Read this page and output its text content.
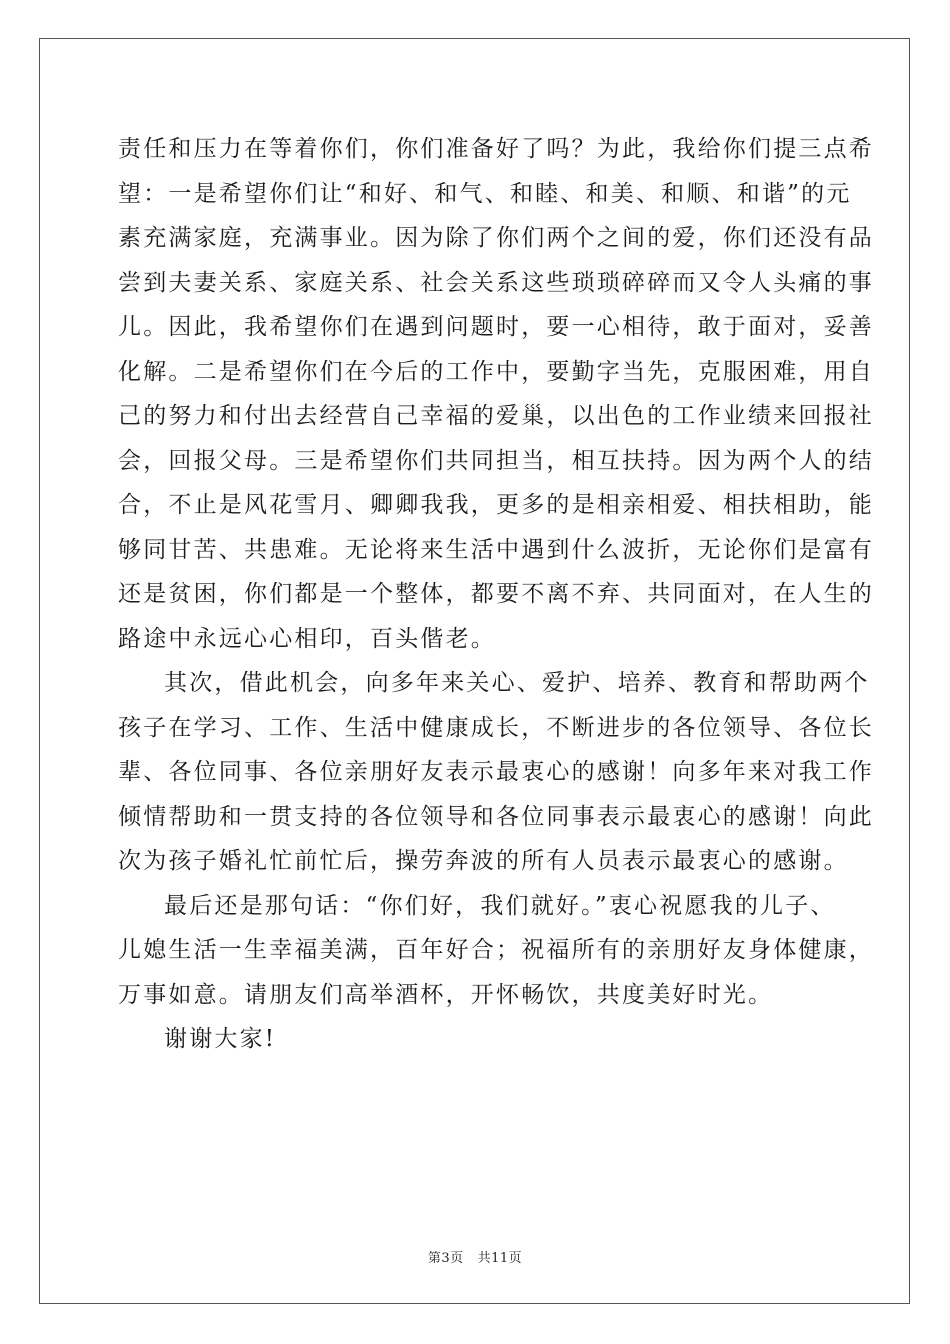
责任和压力在等着你们，你们准备好了吗？为此，我给你们提三点希
望：一是希望你们让“和好、和气、和睦、和美、和顺、和谐”的元
素充满家庭，充满事业。因为除了你们两个之间的爱，你们还没有品
尝到夫妻关系、家庭关系、社会关系这些琐琐碎碎而又令人头痛的事
儿。因此，我希望你们在遇到问题时，要一心相待，敢于面对，妥善
化解。二是希望你们在今后的工作中，要勤字当先，克服困难，用自
己的努力和付出去经营自己幸福的爱巢，以出色的工作业绩来回报社
会，回报父母。三是希望你们共同担当，相互扶持。因为两个人的结
合，不止是风花雪月、卿卿我我，更多的是相亲相爱、相扶相助，能
够同甘苦、共患难。无论将来生活中遇到什么波折，无论你们是富有
还是贫困，你们都是一个整体，都要不离不弃、共同面对，在人生的
路途中永远心心相印，百头偕老。

其次，借此机会，向多年来关心、爱护、培养、教育和帮助两个
孩子在学习、工作、生活中健康成长，不断进步的各位领导、各位长
辈、各位同事、各位亲朋好友表示最衷心的感谢！向多年来对我工作
倾情帮助和一贯支持的各位领导和各位同事表示最衷心的感谢！向此
次为孩子婚礼忙前忙后，操劳奔波的所有人员表示最衷心的感谢。

最后还是那句话：“你们好，我们就好。”衷心祝愿我的儿子、
儿媳生活一生幸福美满，百年好合；祝福所有的亲朋好友身体健康，
万事如意。请朋友们高举酒杯，开怀畅饮，共度美好时光。

谢谢大家!

第3页 共11页
